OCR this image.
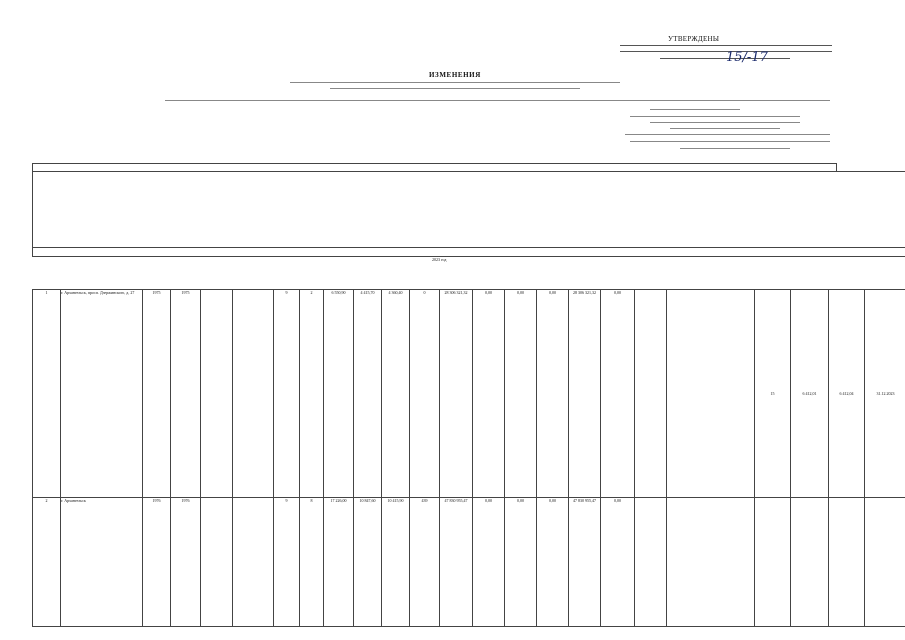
УТВЕРЖДЕНЫ
15/-17
ИЗМЕНЕНИЯ

2023 год
1	г. Архангельск, просп. Дзержинского, д. 27	1975	1975			9	2	6 550,90	4 415,70	4 360,40	0	28 306 321,32	0,00	0,00	0,00	28 306 321,32	0,00			15	6 412,01	6 412,04	31.12.2023
2	г. Архангельск	1976	1976			9	8	17 226,00	10 847,60	10 415,90	439	47 830 955,47	0,00	0,00	0,00	47 830 955,47	0,00						
